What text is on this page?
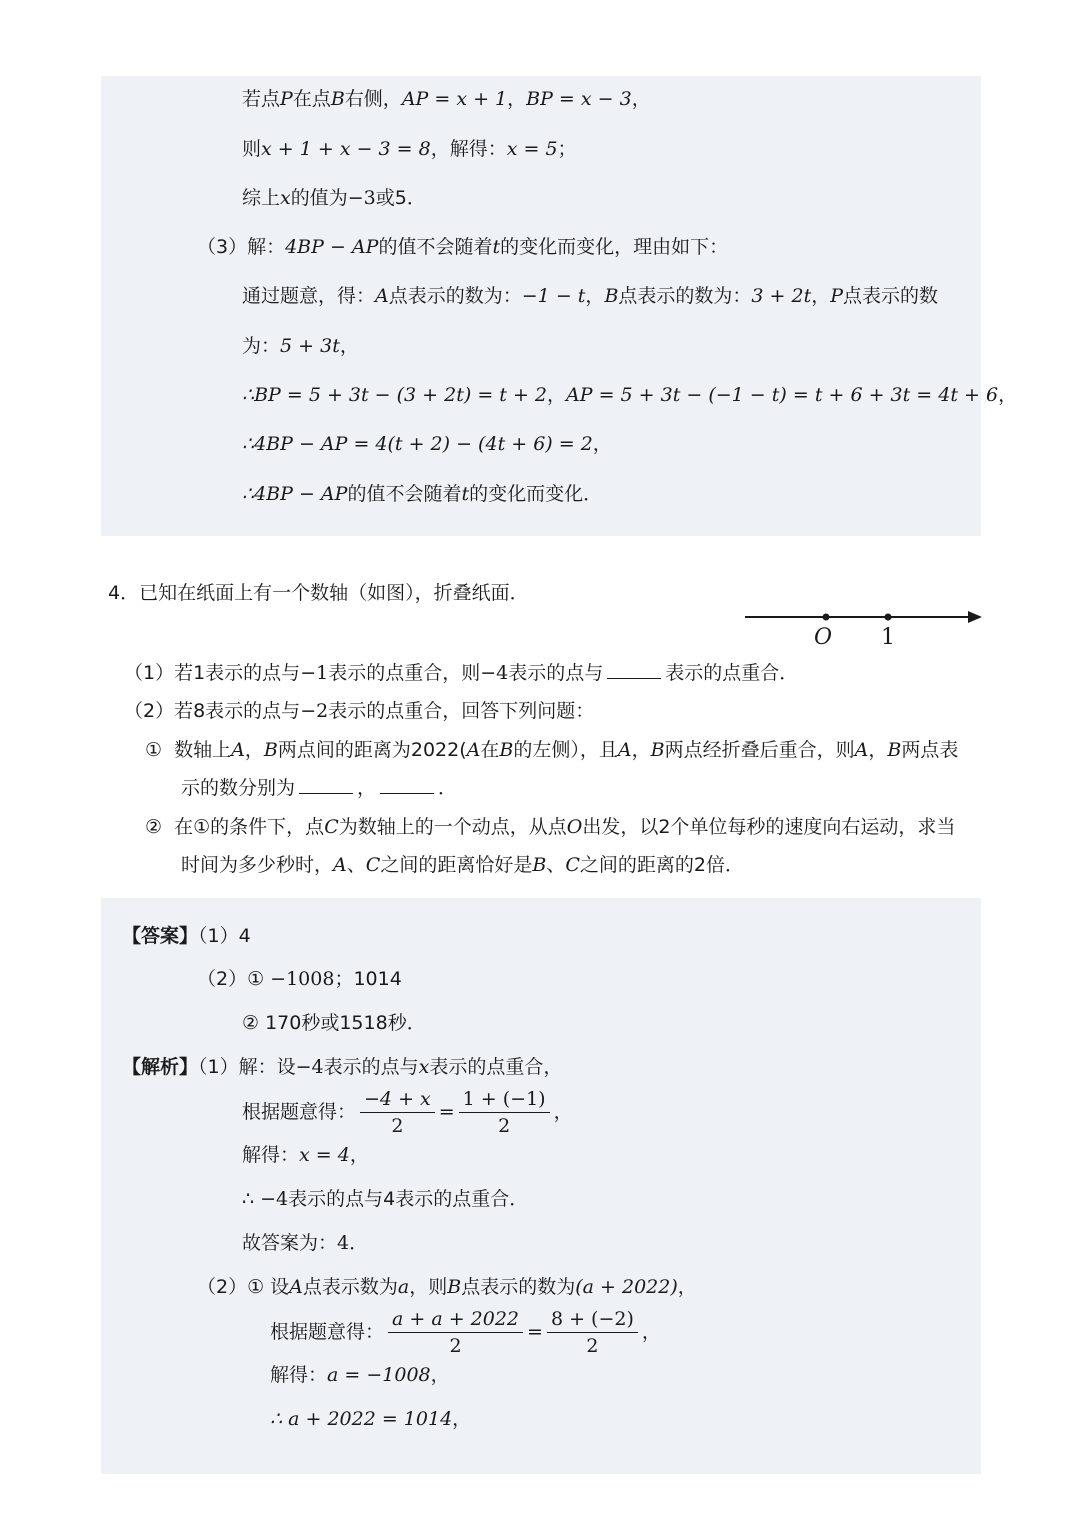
若点P在点B右侧，AP = x + 1，BP = x − 3，
则x + 1 + x − 3 = 8，解得：x = 5；
综上x的值为−3或5．
（3）解：4BP − AP的值不会随着t的变化而变化，理由如下：
通过题意，得：A点表示的数为：−1 − t，B点表示的数为：3 + 2t，P点表示的数
为：5 + 3t，
∴BP = 5 + 3t − (3 + 2t) = t + 2，AP = 5 + 3t − (−1 − t) = t + 6 + 3t = 4t + 6，
∴4BP − AP = 4(t + 2) − (4t + 6) = 2，
∴4BP − AP的值不会随着t的变化而变化．
4．已知在纸面上有一个数轴（如图），折叠纸面．
O 1
（1）若1表示的点与−1表示的点重合，则−4表示的点与	表示的点重合．
（2）若8表示的点与−2表示的点重合，回答下列问题：
① 数轴上A，B两点间的距离为2022(A在B的左侧），且A，B两点经折叠后重合，则A，B两点表
示的数分别为	，	．
② 在①的条件下，点C为数轴上的一个动点，从点O出发，以2个单位每秒的速度向右运动，求当
时间为多少秒时，A、C之间的距离恰好是B、C之间的距离的2倍．
【答案】（1）4
（2）① −1008；1014
② 170秒或1518秒．
【解析】（1）解：设−4表示的点与x表示的点重合，
根据题意得： $\frac{-4 + x}{2} = \frac{1 + (-1)}{2}$ ，
解得：x = 4，
∴ −4表示的点与4表示的点重合．
故答案为：4．
（2）① 设A点表示数为a，则B点表示的数为(a + 2022)，
根据题意得： $\frac{a + a + 2022}{2} = \frac{8 + (-2)}{2}$ ，
解得：a = −1008，
∴ a + 2022 = 1014，
